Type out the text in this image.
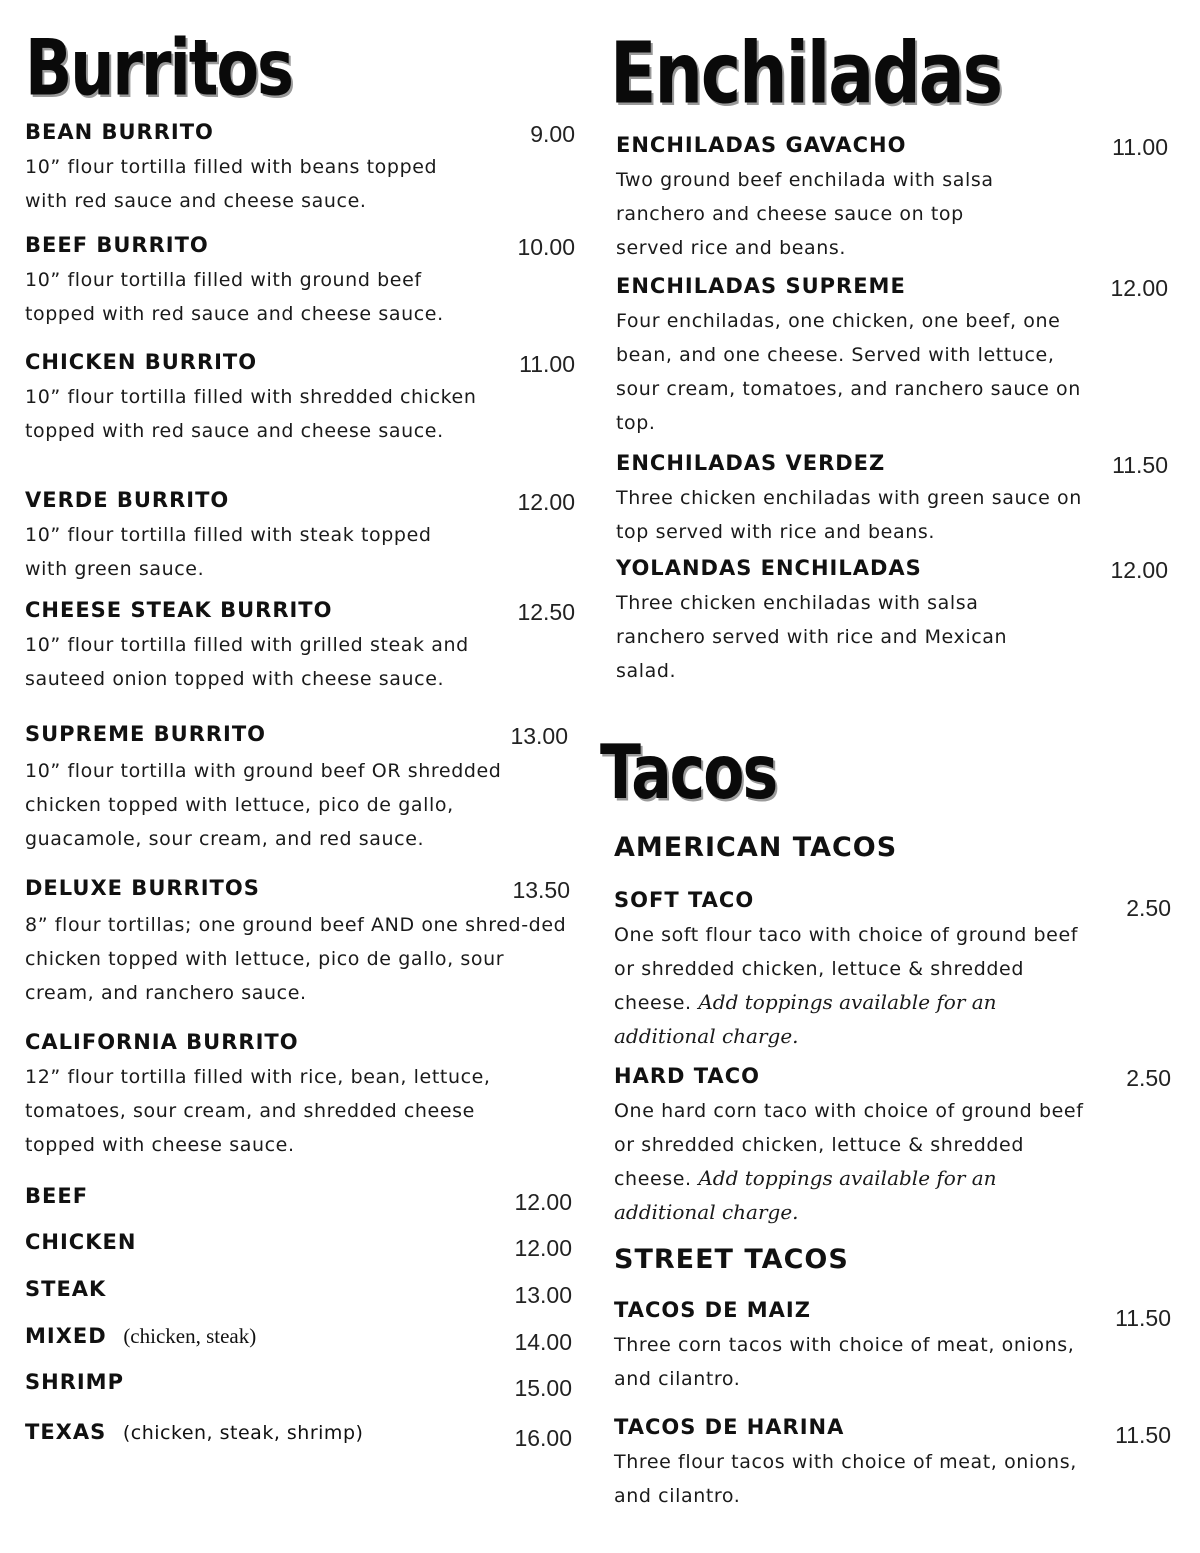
Burritos
BEAN BURRITO	9.00
10” flour tortilla filled with beans topped with red sauce and cheese sauce.
BEEF BURRITO	10.00
10” flour tortilla filled with ground beef topped with red sauce and cheese sauce.
CHICKEN BURRITO	11.00
10” flour tortilla filled with shredded chicken topped with red sauce and cheese sauce.
VERDE BURRITO	12.00
10” flour tortilla filled with steak topped with green sauce.
CHEESE STEAK BURRITO	12.50
10” flour tortilla filled with grilled steak and sauteed onion topped with cheese sauce.
SUPREME BURRITO	13.00
10” flour tortilla with ground beef OR shredded chicken topped with lettuce, pico de gallo, guacamole, sour cream, and red sauce.
DELUXE BURRITOS	13.50
8” flour tortillas; one ground beef AND one shred-ded chicken topped with lettuce, pico de gallo, sour cream, and ranchero sauce.
CALIFORNIA BURRITO
12” flour tortilla filled with rice, bean, lettuce, tomatoes, sour cream, and shredded cheese topped with cheese sauce.
BEEF	12.00
CHICKEN	12.00
STEAK	13.00
MIXED (chicken, steak)	14.00
SHRIMP	15.00
TEXAS (chicken, steak, shrimp)	16.00
Enchiladas
ENCHILADAS GAVACHO	11.00
Two ground beef enchilada with salsa ranchero and cheese sauce on top served rice and beans.
ENCHILADAS SUPREME	12.00
Four enchiladas, one chicken, one beef, one bean, and one cheese. Served with lettuce, sour cream, tomatoes, and ranchero sauce on top.
ENCHILADAS VERDEZ	11.50
Three chicken enchiladas with green sauce on top served with rice and beans.
YOLANDAS ENCHILADAS	12.00
Three chicken enchiladas with salsa ranchero served with rice and Mexican salad.
Tacos
AMERICAN TACOS
SOFT TACO	2.50
One soft flour taco with choice of ground beef or shredded chicken, lettuce & shredded cheese. Add toppings available for an additional charge.
HARD TACO	2.50
One hard corn taco with choice of ground beef or shredded chicken, lettuce & shredded cheese. Add toppings available for an additional charge.
STREET TACOS
TACOS DE MAIZ	11.50
Three corn tacos with choice of meat, onions, and cilantro.
TACOS DE HARINA	11.50
Three flour tacos with choice of meat, onions, and cilantro.
